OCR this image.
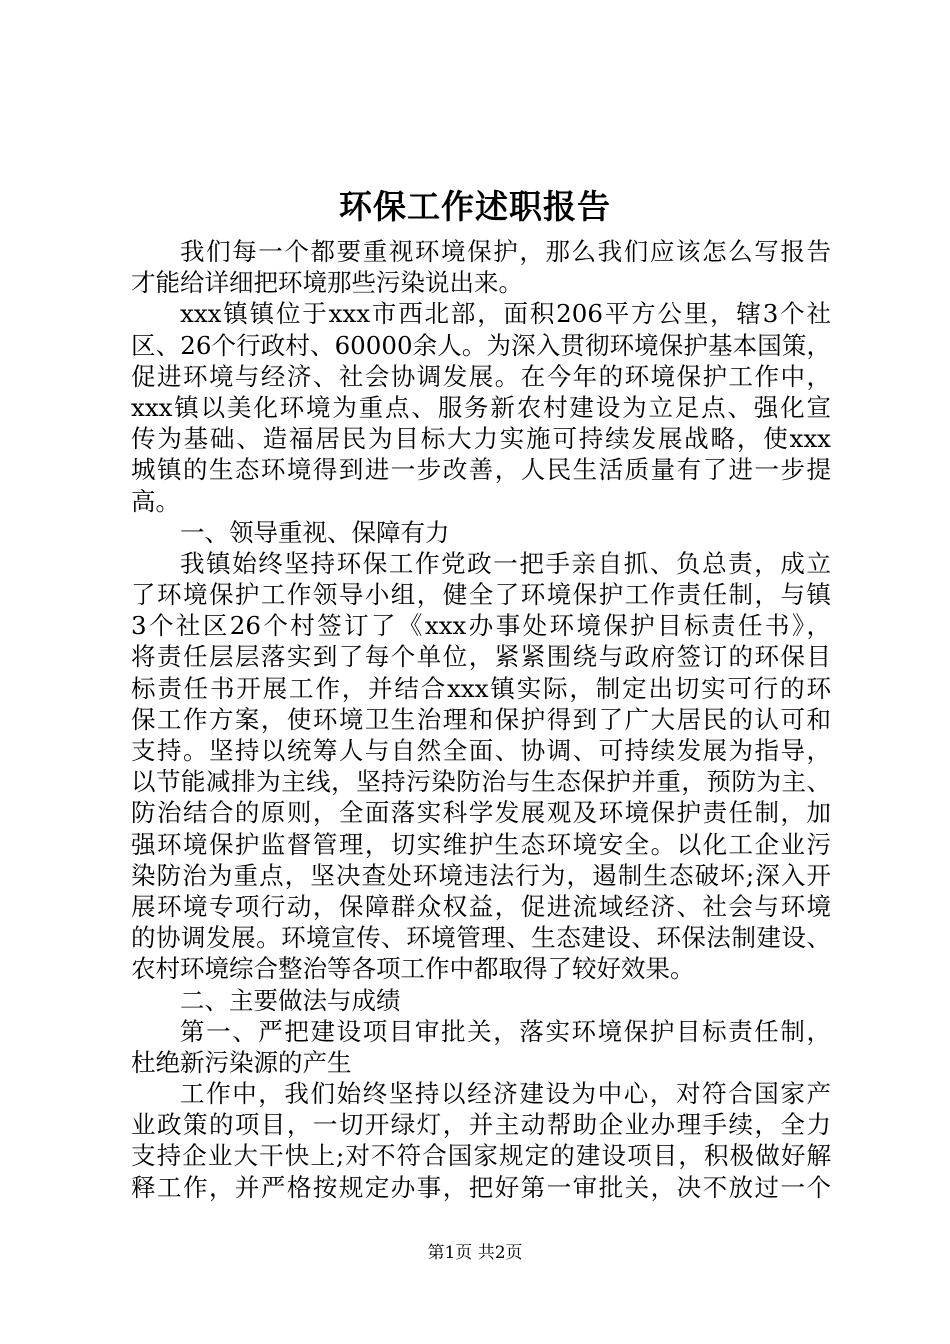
环保工作述职报告
我们每一个都要重视环境保护，那么我们应该怎么写报告
才能给详细把环境那些污染说出来。
xxx镇镇位于xxx市西北部，面积206平方公里，辖3个社
区、26个行政村、60000余人。为深入贯彻环境保护基本国策，
促进环境与经济、社会协调发展。在今年的环境保护工作中，
xxx镇以美化环境为重点、服务新农村建设为立足点、强化宣
传为基础、造福居民为目标大力实施可持续发展战略，使xxx
城镇的生态环境得到进一步改善，人民生活质量有了进一步提
高。
一、领导重视、保障有力
我镇始终坚持环保工作党政一把手亲自抓、负总责，成立
了环境保护工作领导小组，健全了环境保护工作责任制，与镇
3个社区26个村签订了《xxx办事处环境保护目标责任书》，
将责任层层落实到了每个单位，紧紧围绕与政府签订的环保目
标责任书开展工作，并结合xxx镇实际，制定出切实可行的环
保工作方案，使环境卫生治理和保护得到了广大居民的认可和
支持。坚持以统筹人与自然全面、协调、可持续发展为指导，
以节能减排为主线，坚持污染防治与生态保护并重，预防为主、
防治结合的原则，全面落实科学发展观及环境保护责任制，加
强环境保护监督管理，切实维护生态环境安全。以化工企业污
染防治为重点，坚决查处环境违法行为，遏制生态破坏;深入开
展环境专项行动，保障群众权益，促进流域经济、社会与环境
的协调发展。环境宣传、环境管理、生态建设、环保法制建设、
农村环境综合整治等各项工作中都取得了较好效果。
二、主要做法与成绩
第一、严把建设项目审批关，落实环境保护目标责任制，
杜绝新污染源的产生
工作中，我们始终坚持以经济建设为中心，对符合国家产
业政策的项目，一切开绿灯，并主动帮助企业办理手续，全力
支持企业大干快上;对不符合国家规定的建设项目，积极做好解
释工作，并严格按规定办事，把好第一审批关，决不放过一个
第1页 共2页
